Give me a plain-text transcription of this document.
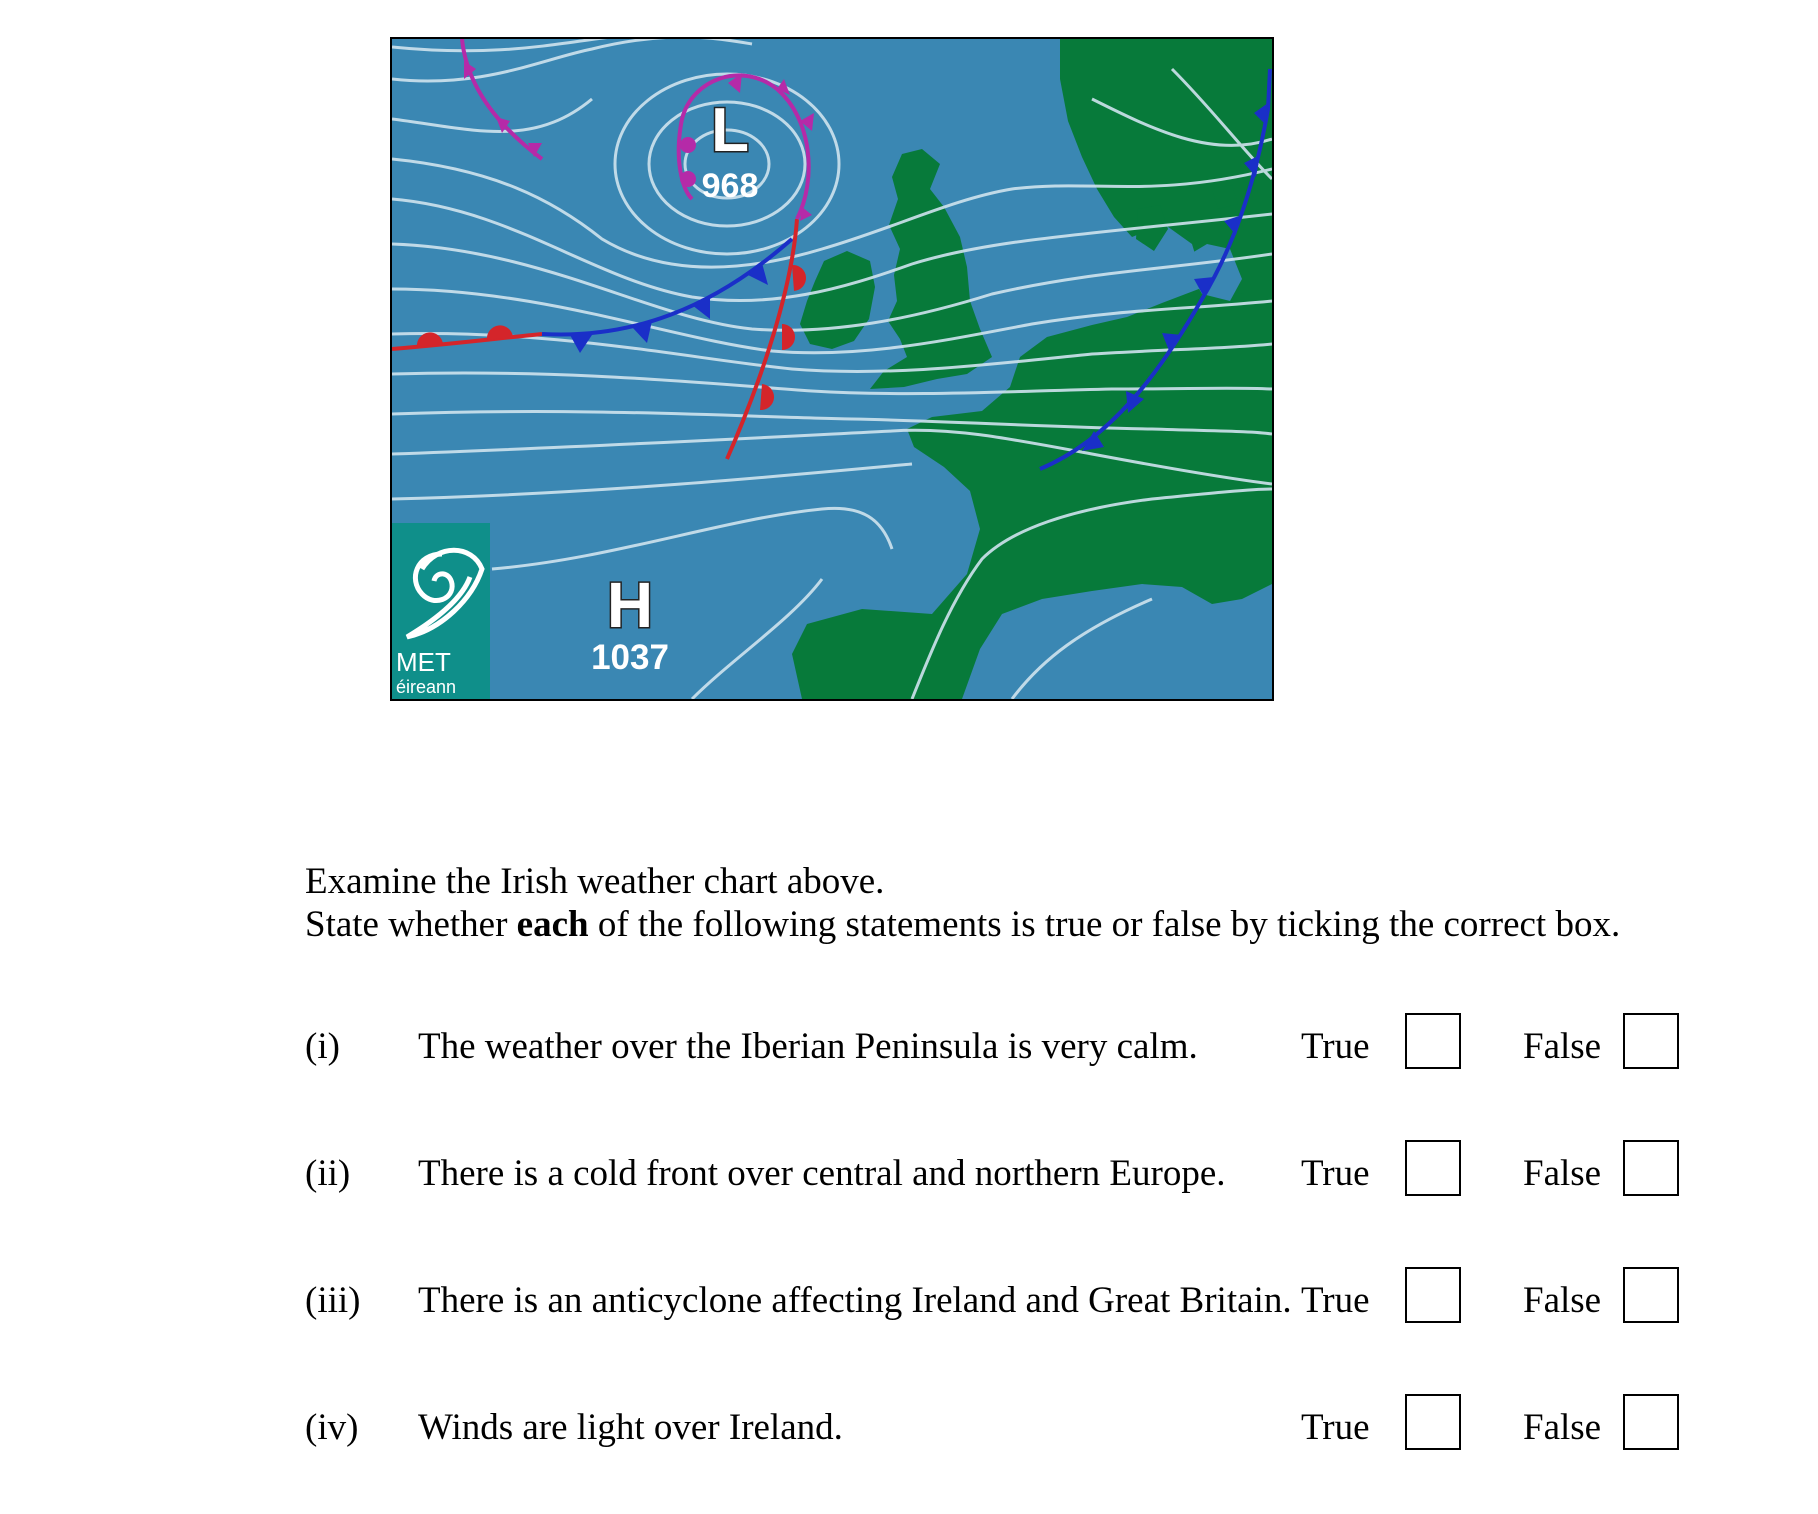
L
968
H
1037
MET
éireann
Examine the Irish weather chart above.
State whether each of the following statements is true or false by ticking the correct box.
(i) The weather over the Iberian Peninsula is very calm.	True	False
(ii) There is a cold front over central and northern Europe. True	False
(iii) There is an anticyclone affecting Ireland and Great Britain. True	False
(iv) Winds are light over Ireland.	True	False
